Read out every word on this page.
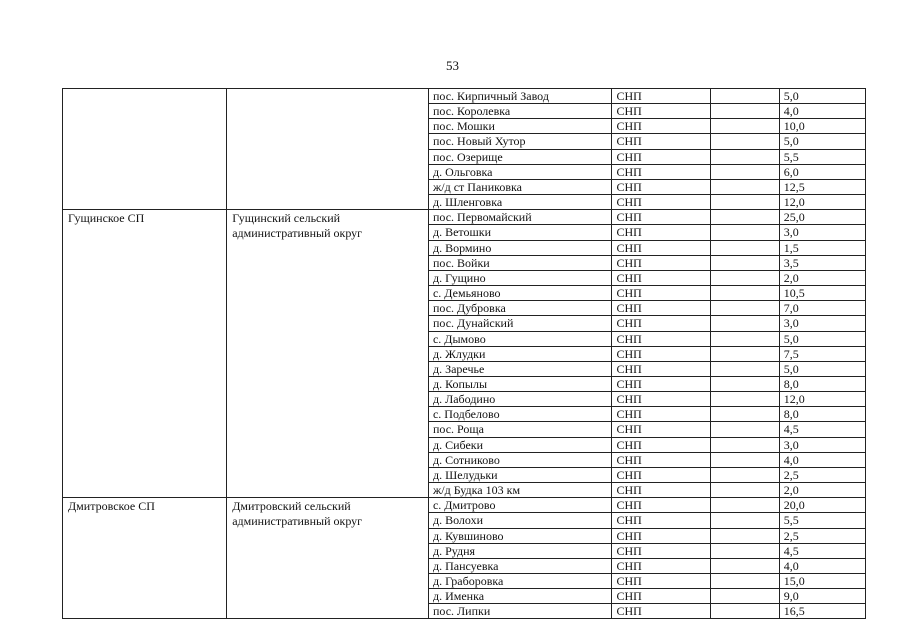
53
		пос. Кирпичный Завод	СНП		5,0
		пос. Королевка	СНП		4,0
		пос. Мошки	СНП		10,0
		пос. Новый Хутор	СНП		5,0
		пос. Озерище	СНП		5,5
		д. Ольговка	СНП		6,0
		ж/д ст Паниковка	СНП		12,5
		д. Шленговка	СНП		12,0
Гущинское СП	Гущинский сельский административный округ	пос. Первомайский	СНП		25,0
		д. Ветошки	СНП		3,0
		д. Вормино	СНП		1,5
		пос. Войки	СНП		3,5
		д. Гущино	СНП		2,0
		с. Демьяново	СНП		10,5
		пос. Дубровка	СНП		7,0
		пос. Дунайский	СНП		3,0
		с. Дымово	СНП		5,0
		д. Жлудки	СНП		7,5
		д. Заречье	СНП		5,0
		д. Копылы	СНП		8,0
		д. Лабодино	СНП		12,0
		с. Подбелово	СНП		8,0
		пос. Роща	СНП		4,5
		д. Сибеки	СНП		3,0
		д. Сотниково	СНП		4,0
		д. Шелудьки	СНП		2,5
		ж/д Будка 103 км	СНП		2,0
Дмитровское СП	Дмитровский сельский административный округ	с. Дмитрово	СНП		20,0
		д. Волохи	СНП		5,5
		д. Кувшиново	СНП		2,5
		д. Рудня	СНП		4,5
		д. Пансуевка	СНП		4,0
		д. Граборовка	СНП		15,0
		д. Именка	СНП		9,0
		пос. Липки	СНП		16,5
